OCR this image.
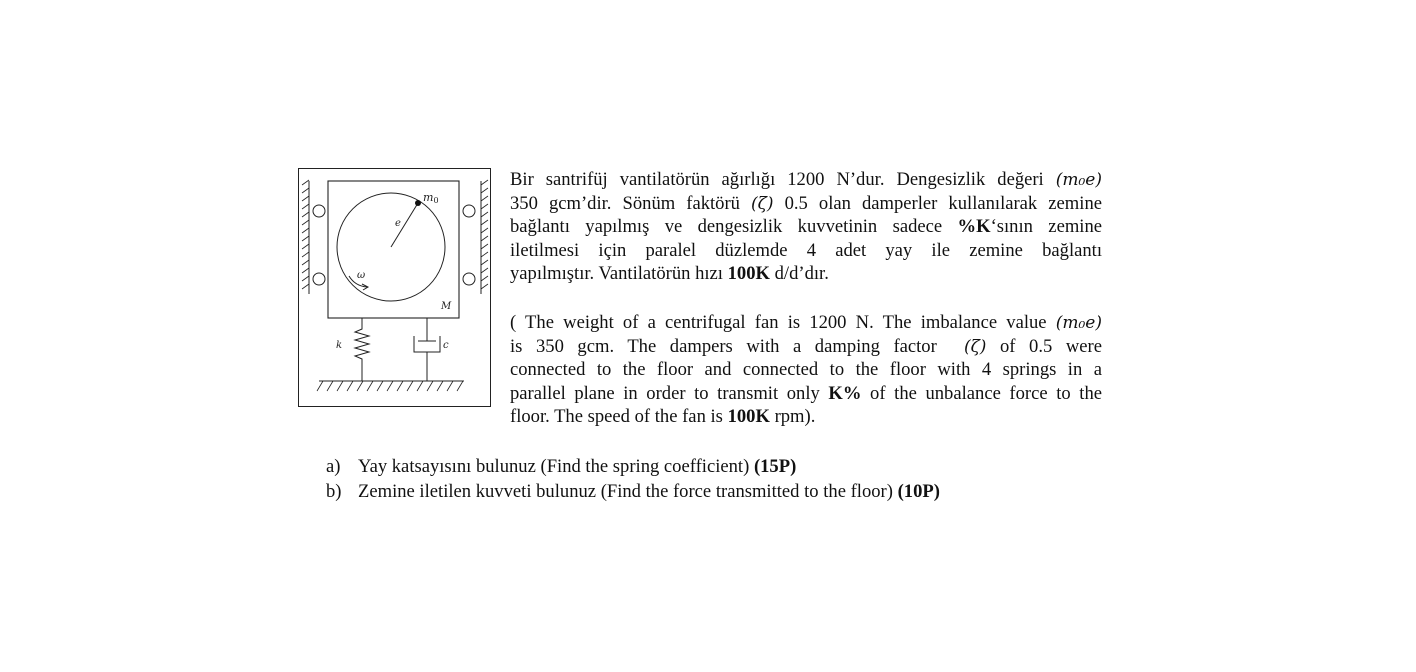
m0
e
ω
M
k	c
Bir santrifüj vantilatörün ağırlığı 1200 N’dur. Dengesizlik değeri (m₀e)
350 gcm’dir. Sönüm faktörü (ζ) 0.5 olan damperler kullanılarak zemine
bağlantı yapılmış ve dengesizlik kuvvetinin sadece %K‘sının zemine
iletilmesi için paralel düzlemde 4 adet yay ile zemine bağlantı
yapılmıştır. Vantilatörün hızı 100K d/d’dır.
( The weight of a centrifugal fan is 1200 N. The imbalance value (m₀e)
is 350 gcm. The dampers with a damping factor  (ζ) of 0.5 were
connected to the floor and connected to the floor with 4 springs in a
parallel plane in order to transmit only K% of the unbalance force to the
floor. The speed of the fan is 100K rpm).
a) Yay katsayısını bulunuz (Find the spring coefficient) (15P)
b) Zemine iletilen kuvveti bulunuz (Find the force transmitted to the floor) (10P)
